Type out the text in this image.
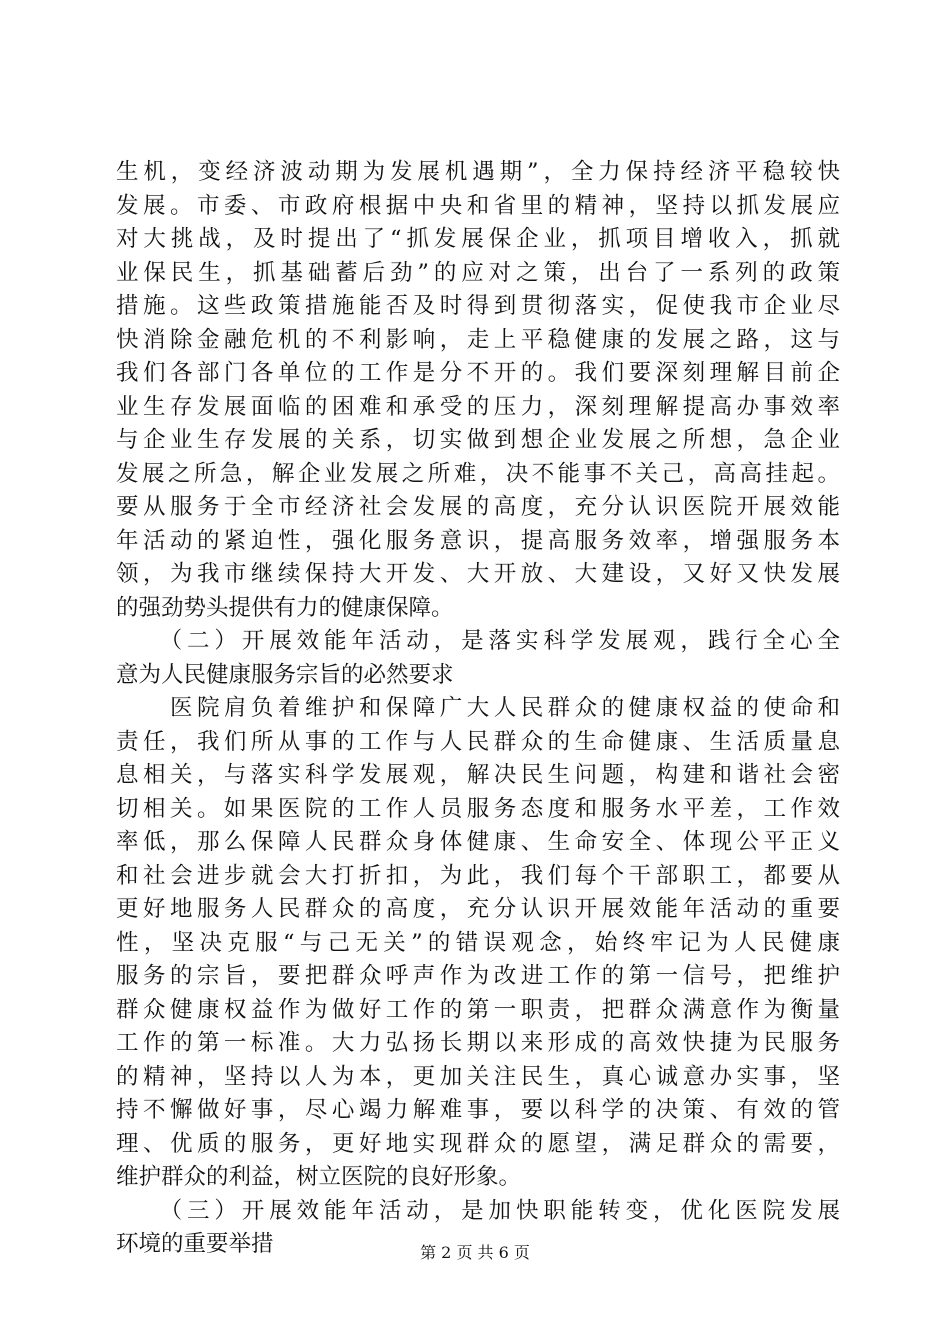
生机，变经济波动期为发展机遇期”，全力保持经济平稳较快
发展。市委、市政府根据中央和省里的精神，坚持以抓发展应
对大挑战，及时提出了“抓发展保企业，抓项目增收入，抓就
业保民生，抓基础蓄后劲”的应对之策，出台了一系列的政策
措施。这些政策措施能否及时得到贯彻落实，促使我市企业尽
快消除金融危机的不利影响，走上平稳健康的发展之路，这与
我们各部门各单位的工作是分不开的。我们要深刻理解目前企
业生存发展面临的困难和承受的压力，深刻理解提高办事效率
与企业生存发展的关系，切实做到想企业发展之所想，急企业
发展之所急，解企业发展之所难，决不能事不关己，高高挂起。
要从服务于全市经济社会发展的高度，充分认识医院开展效能
年活动的紧迫性，强化服务意识，提高服务效率，增强服务本
领，为我市继续保持大开发、大开放、大建设，又好又快发展
的强劲势头提供有力的健康保障。
　　（二）开展效能年活动，是落实科学发展观，践行全心全
意为人民健康服务宗旨的必然要求
　　医院肩负着维护和保障广大人民群众的健康权益的使命和
责任，我们所从事的工作与人民群众的生命健康、生活质量息
息相关，与落实科学发展观，解决民生问题，构建和谐社会密
切相关。如果医院的工作人员服务态度和服务水平差，工作效
率低，那么保障人民群众身体健康、生命安全、体现公平正义
和社会进步就会大打折扣，为此，我们每个干部职工，都要从
更好地服务人民群众的高度，充分认识开展效能年活动的重要
性，坚决克服“与己无关”的错误观念，始终牢记为人民健康
服务的宗旨，要把群众呼声作为改进工作的第一信号，把维护
群众健康权益作为做好工作的第一职责，把群众满意作为衡量
工作的第一标准。大力弘扬长期以来形成的高效快捷为民服务
的精神，坚持以人为本，更加关注民生，真心诚意办实事，坚
持不懈做好事，尽心竭力解难事，要以科学的决策、有效的管
理、优质的服务，更好地实现群众的愿望，满足群众的需要，
维护群众的利益，树立医院的良好形象。
　　（三）开展效能年活动，是加快职能转变，优化医院发展
环境的重要举措	第 2 页 共 6 页
